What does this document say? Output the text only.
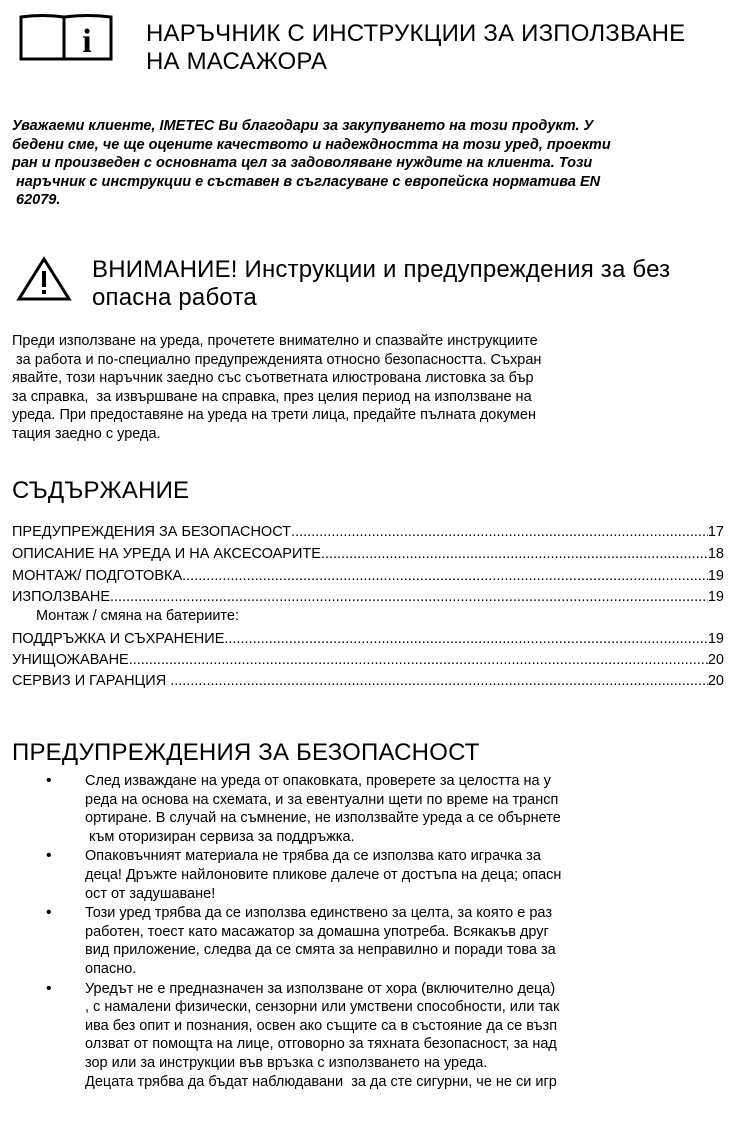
i НАРЪЧНИК С ИНСТРУКЦИИ ЗА ИЗПОЛЗВАНЕ
НА МАСАЖОРА
Уважаеми клиенте, IMETEC Ви благодари за закупуването на този продукт. У
бедени сме, че ще оцените качеството и надеждността на този уред, проекти
ран и произведен с основната цел за задоволяване нуждите на клиента. Този
наръчник с инструкции е съставен в съгласуване с европейска норматива EN
62079.
ВНИМАНИЕ! Инструкции и предупреждения за без
опасна работа
Преди използване на уреда, прочетете внимателно и спазвайте инструкциите
за работа и по-специално предупрежденията относно безопасността. Съхран
явайте, този наръчник заедно със съответната илюстрована листовка за бър
за справка,  за извършване на справка, през целия период на използване на
уреда. При предоставяне на уреда на трети лица, предайте пълната докумен
тация заедно с уреда.
СЪДЪРЖАНИЕ
ПРЕДУПРЕЖДЕНИЯ ЗА БЕЗОПАСНОСТ .....	17
ОПИСАНИЕ НА УРЕДА И НА АКСЕСОАРИТЕ .....	18
МОНТАЖ/ ПОДГОТОВКА .....	19
ИЗПОЛЗВАНЕ .....	19
Монтаж / смяна на батериите:
ПОДДРЪЖКА И СЪХРАНЕНИЕ .....	19
УНИЩОЖАВАНЕ .....	20
СЕРВИЗ И ГАРАНЦИЯ .....	20
ПРЕДУПРЕЖДЕНИЯ ЗА БЕЗОПАСНОСТ
• След изваждане на уреда от опаковката, проверете за целостта на у
реда на основа на схемата, и за евентуални щети по време на трансп
ортиране. В случай на съмнение, не използвайте уреда а се обърнете
към оторизиран сервиза за поддръжка.
• Опаковъчният материала не трябва да се използва като играчка за
деца! Дръжте найлоновите пликове далече от достъпа на деца; опасн
ост от задушаване!
• Този уред трябва да се използва единствено за целта, за която е раз
работен, тоест като масажатор за домашна употреба. Всякакъв друг
вид приложение, следва да се смята за неправилно и поради това за
опасно.
• Уредът не е предназначен за използване от хора (включително деца)
, с намалени физически, сензорни или умствени способности, или так
ива без опит и познания, освен ако същите са в състояние да се възп
олзват от помощта на лице, отговорно за тяхната безопасност, за над
зор или за инструкции във връзка с използването на уреда.
Децата трябва да бъдат наблюдавани  за да сте сигурни, че не си игр
